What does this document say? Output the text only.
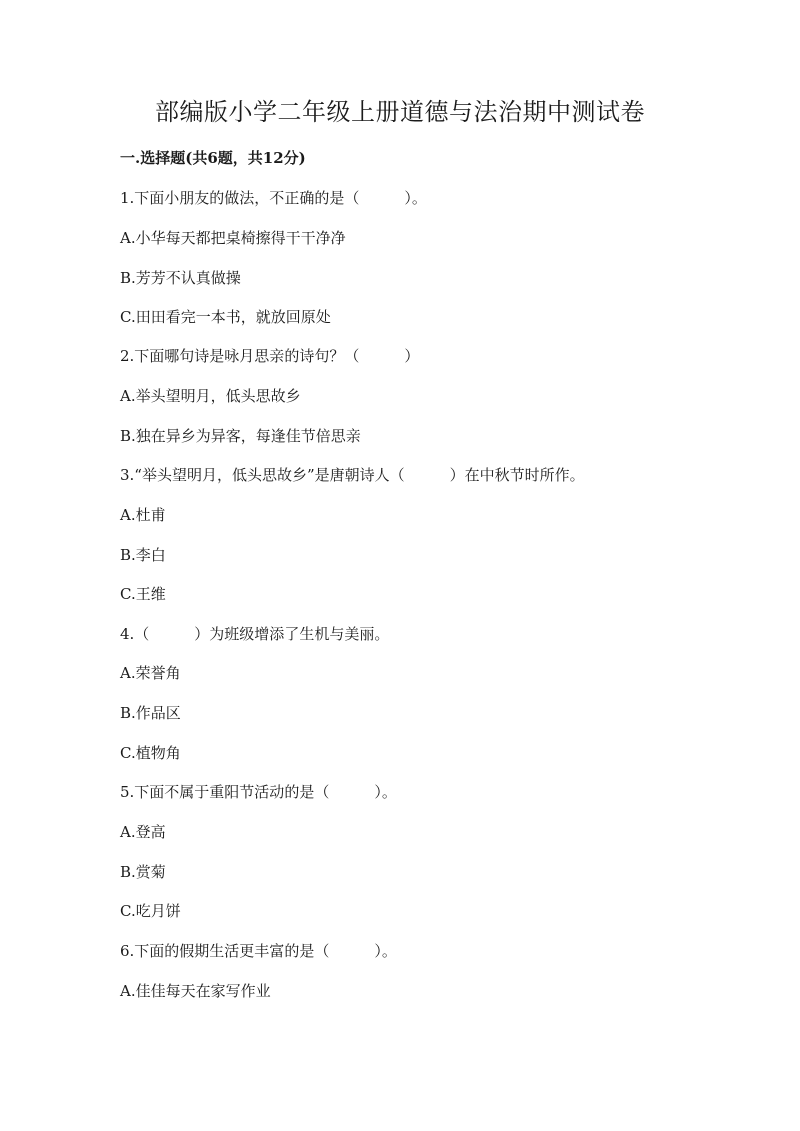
部编版小学二年级上册道德与法治期中测试卷
一.选择题(共6题，共12分)
1.下面小朋友的做法，不正确的是（　　　）。
A.小华每天都把桌椅擦得干干净净
B.芳芳不认真做操
C.田田看完一本书，就放回原处
2.下面哪句诗是咏月思亲的诗句？（　　　）
A.举头望明月，低头思故乡
B.独在异乡为异客，每逢佳节倍思亲
3.“举头望明月，低头思故乡”是唐朝诗人（　　　）在中秋节时所作。
A.杜甫
B.李白
C.王维
4.（　　　）为班级增添了生机与美丽。
A.荣誉角
B.作品区
C.植物角
5.下面不属于重阳节活动的是（　　　）。
A.登高
B.赏菊
C.吃月饼
6.下面的假期生活更丰富的是（　　　）。
A.佳佳每天在家写作业
